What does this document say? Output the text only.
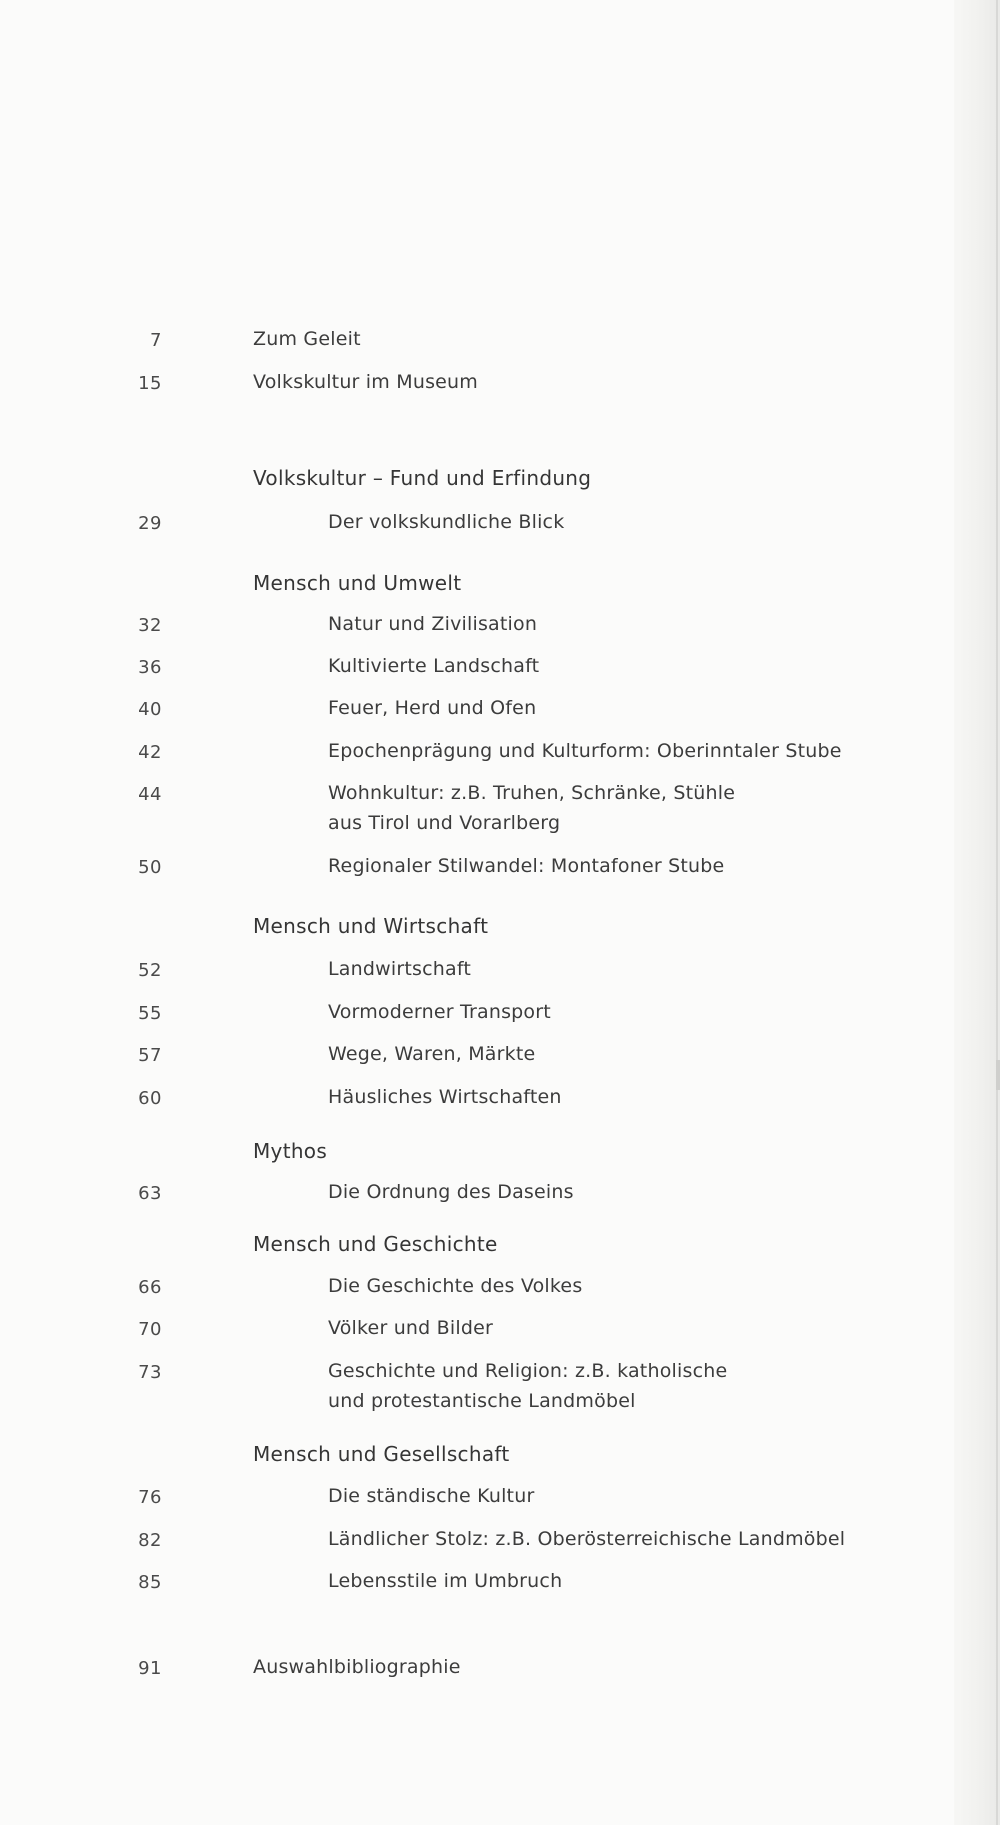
7	Zum Geleit
15	Volkskultur im Museum
Volkskultur – Fund und Erfindung
29	Der volkskundliche Blick
Mensch und Umwelt
32	Natur und Zivilisation
36	Kultivierte Landschaft
40	Feuer, Herd und Ofen
42	Epochenprägung und Kulturform: Oberinntaler Stube
44	Wohnkultur: z.B. Truhen, Schränke, Stühle
aus Tirol und Vorarlberg
50	Regionaler Stilwandel: Montafoner Stube
Mensch und Wirtschaft
52	Landwirtschaft
55	Vormoderner Transport
57	Wege, Waren, Märkte
60	Häusliches Wirtschaften
Mythos
63	Die Ordnung des Daseins
Mensch und Geschichte
66	Die Geschichte des Volkes
70	Völker und Bilder
73	Geschichte und Religion: z.B. katholische
und protestantische Landmöbel
Mensch und Gesellschaft
76	Die ständische Kultur
82	Ländlicher Stolz: z.B. Oberösterreichische Landmöbel
85	Lebensstile im Umbruch
91	Auswahlbibliographie
